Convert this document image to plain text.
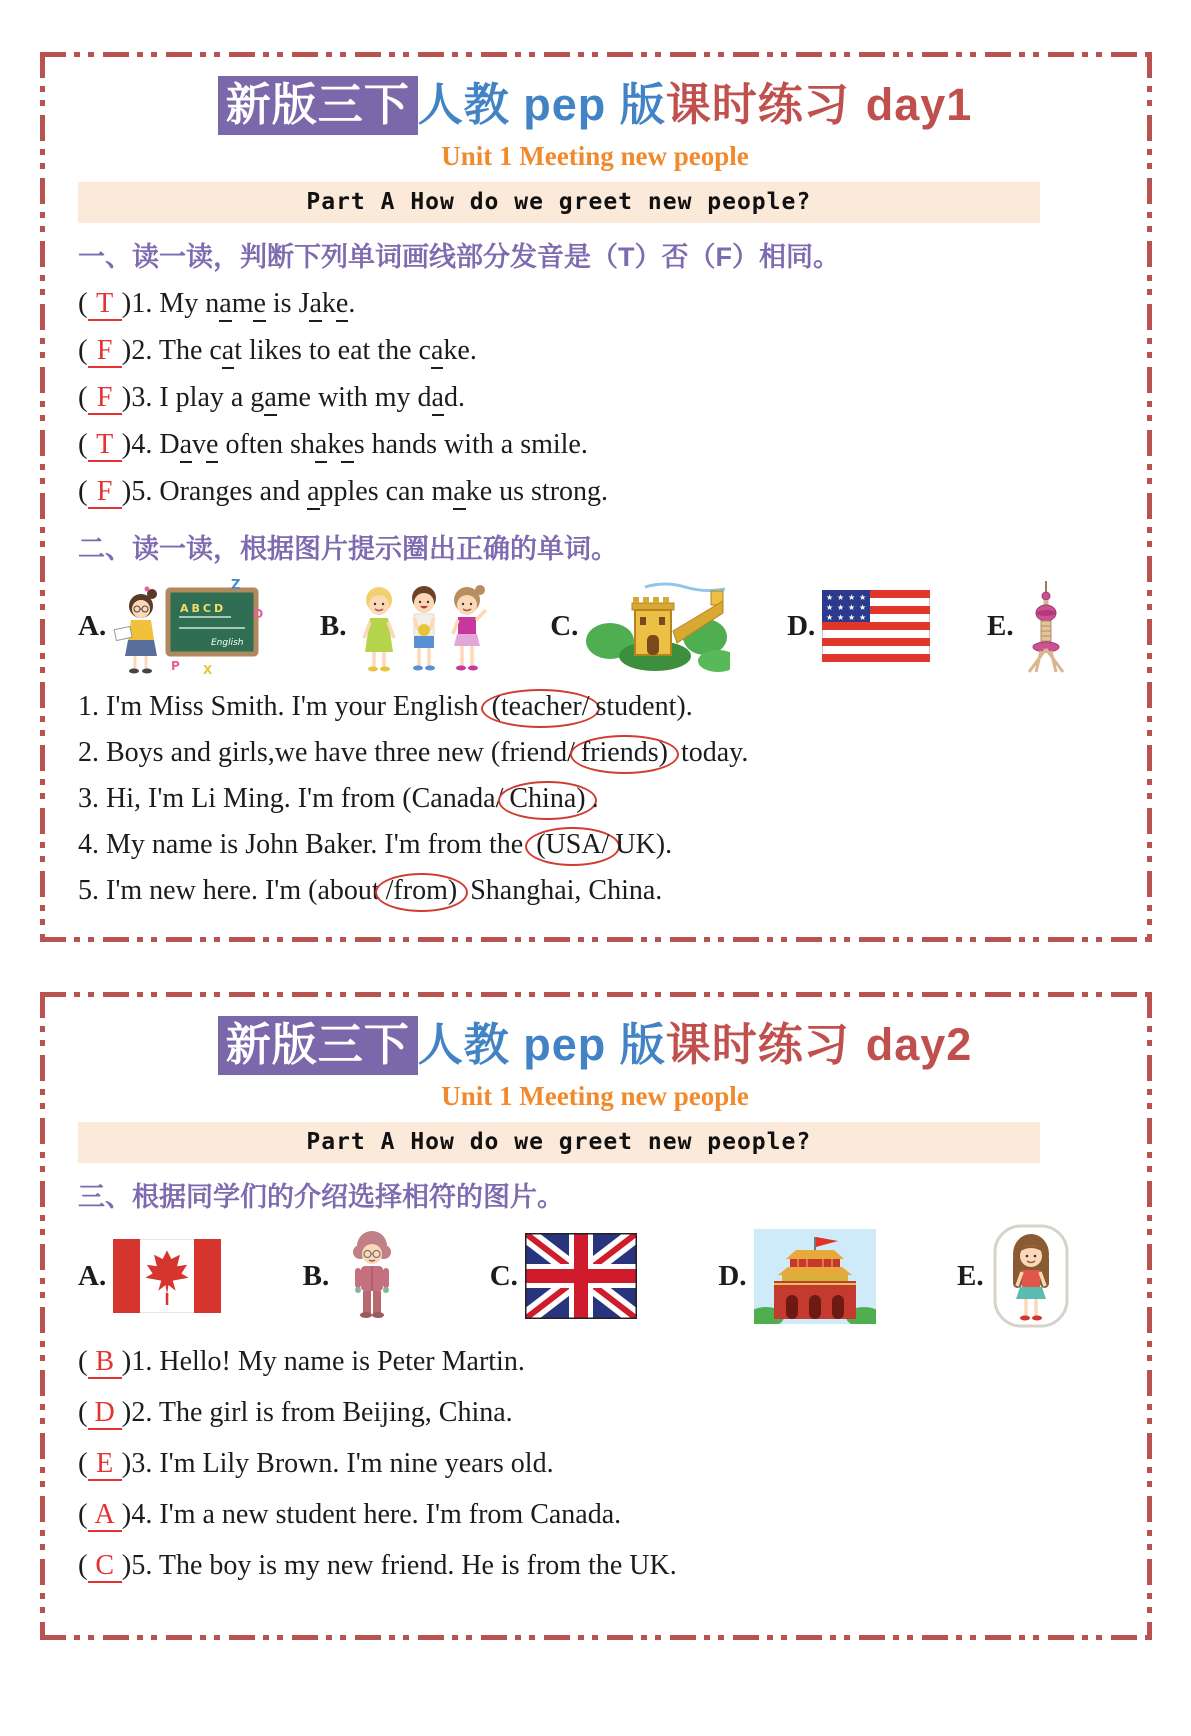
新版三下 人教 pep 版课时练习 day1
Unit 1 Meeting new people
Part A How do we greet new people?
一、读一读，判断下列单词画线部分发音是（T）否（F）相同。

( T )1. My name is Jake.

( F )2. The cat likes to eat the cake.

( F )3. I play a game with my dad.

( T )4. Dave often shakes hands with a smile.

( F )5. Oranges and apples can make us strong.

二、读一读，根据图片提示圈出正确的单词。
A.
ABCD
English
Z
O
P X
B.	C.	D.
★ ★ ★ ★
★ ★ ★ ★
★ ★ ★ ★	E.

1. I'm Miss Smith. I'm your English (teacher/ student).

2. Boys and girls,we have three new (friend/ friends) today.

3. Hi, I'm Li Ming. I'm from (Canada/ China) .

4. My name is John Baker. I'm from the (USA/ UK).

5. I'm new here. I'm (about /from) Shanghai, China.

新版三下 人教 pep 版课时练习 day2
Unit 1 Meeting new people
Part A How do we greet new people?
三、根据同学们的介绍选择相符的图片。
A.	B.	C.	D.	E.

( B )1. Hello! My name is Peter Martin.

( D )2. The girl is from Beijing, China.

( E )3. I'm Lily Brown. I'm nine years old.

( A )4. I'm a new student here. I'm from Canada.

( C )5. The boy is my new friend. He is from the UK.
